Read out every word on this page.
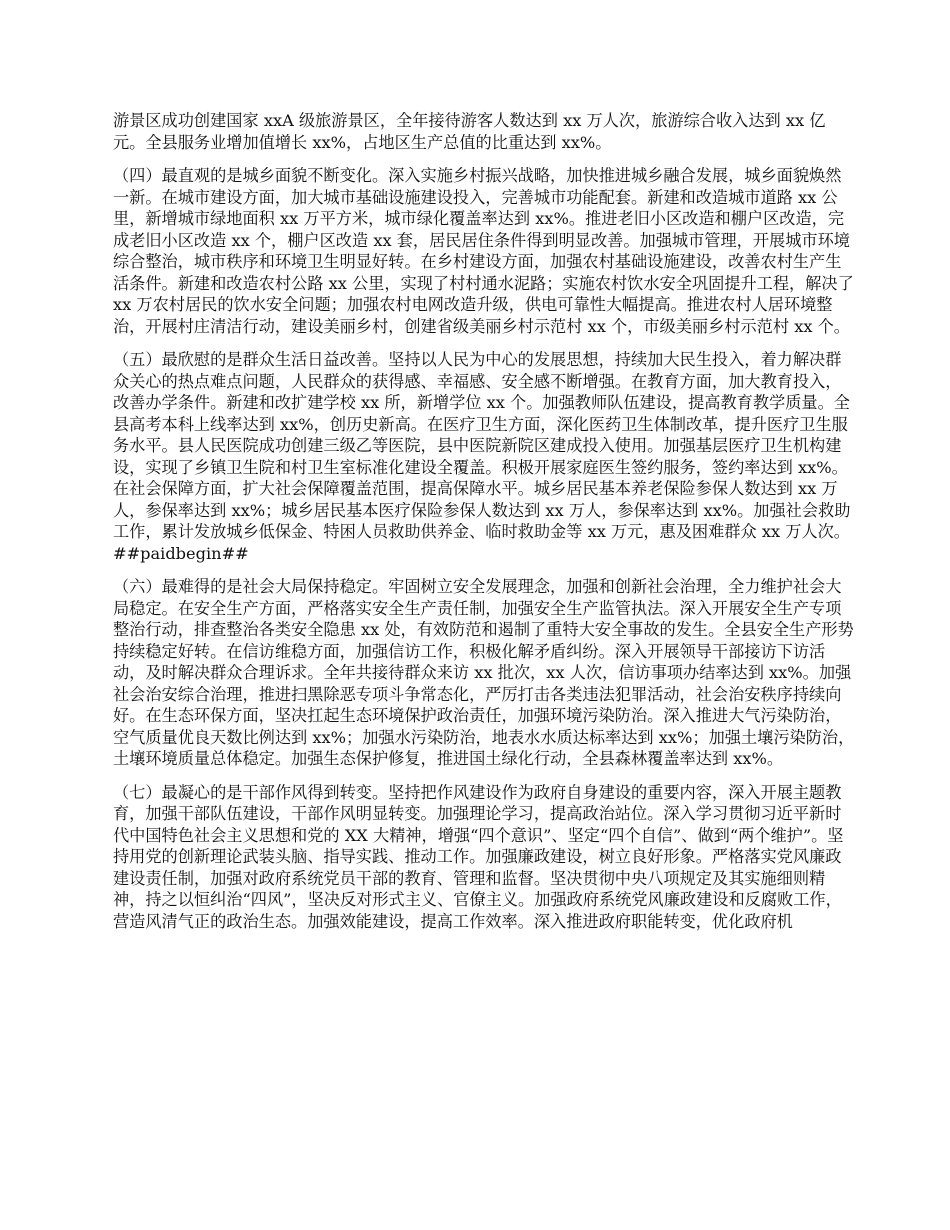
游景区成功创建国家 xxA 级旅游景区，全年接待游客人数达到 xx 万人次，旅游综合收入达到 xx 亿元。全县服务业增加值增长 xx%，占地区生产总值的比重达到 xx%。

（四）最直观的是城乡面貌不断变化。深入实施乡村振兴战略，加快推进城乡融合发展，城乡面貌焕然一新。在城市建设方面，加大城市基础设施建设投入，完善城市功能配套。新建和改造城市道路 xx 公里，新增城市绿地面积 xx 万平方米，城市绿化覆盖率达到 xx%。推进老旧小区改造和棚户区改造，完成老旧小区改造 xx 个，棚户区改造 xx 套，居民居住条件得到明显改善。加强城市管理，开展城市环境综合整治，城市秩序和环境卫生明显好转。在乡村建设方面，加强农村基础设施建设，改善农村生产生活条件。新建和改造农村公路 xx 公里，实现了村村通水泥路；实施农村饮水安全巩固提升工程，解决了 xx 万农村居民的饮水安全问题；加强农村电网改造升级，供电可靠性大幅提高。推进农村人居环境整治，开展村庄清洁行动，建设美丽乡村，创建省级美丽乡村示范村 xx 个，市级美丽乡村示范村 xx 个。

（五）最欣慰的是群众生活日益改善。坚持以人民为中心的发展思想，持续加大民生投入，着力解决群众关心的热点难点问题，人民群众的获得感、幸福感、安全感不断增强。在教育方面，加大教育投入，改善办学条件。新建和改扩建学校 xx 所，新增学位 xx 个。加强教师队伍建设，提高教育教学质量。全县高考本科上线率达到 xx%，创历史新高。在医疗卫生方面，深化医药卫生体制改革，提升医疗卫生服务水平。县人民医院成功创建三级乙等医院，县中医院新院区建成投入使用。加强基层医疗卫生机构建设，实现了乡镇卫生院和村卫生室标准化建设全覆盖。积极开展家庭医生签约服务，签约率达到 xx%。在社会保障方面，扩大社会保障覆盖范围，提高保障水平。城乡居民基本养老保险参保人数达到 xx 万人，参保率达到 xx%；城乡居民基本医疗保险参保人数达到 xx 万人，参保率达到 xx%。加强社会救助工作，累计发放城乡低保金、特困人员救助供养金、临时救助金等 xx 万元，惠及困难群众 xx 万人次。##paidbegin##

（六）最难得的是社会大局保持稳定。牢固树立安全发展理念，加强和创新社会治理，全力维护社会大局稳定。在安全生产方面，严格落实安全生产责任制，加强安全生产监管执法。深入开展安全生产专项整治行动，排查整治各类安全隐患 xx 处，有效防范和遏制了重特大安全事故的发生。全县安全生产形势持续稳定好转。在信访维稳方面，加强信访工作，积极化解矛盾纠纷。深入开展领导干部接访下访活动，及时解决群众合理诉求。全年共接待群众来访 xx 批次，xx 人次，信访事项办结率达到 xx%。加强社会治安综合治理，推进扫黑除恶专项斗争常态化，严厉打击各类违法犯罪活动，社会治安秩序持续向好。在生态环保方面，坚决扛起生态环境保护政治责任，加强环境污染防治。深入推进大气污染防治，空气质量优良天数比例达到 xx%；加强水污染防治，地表水水质达标率达到 xx%；加强土壤污染防治，土壤环境质量总体稳定。加强生态保护修复，推进国土绿化行动，全县森林覆盖率达到 xx%。

（七）最凝心的是干部作风得到转变。坚持把作风建设作为政府自身建设的重要内容，深入开展主题教育，加强干部队伍建设，干部作风明显转变。加强理论学习，提高政治站位。深入学习贯彻习近平新时代中国特色社会主义思想和党的 XX 大精神，增强“四个意识”、坚定“四个自信”、做到“两个维护”。坚持用党的创新理论武装头脑、指导实践、推动工作。加强廉政建设，树立良好形象。严格落实党风廉政建设责任制，加强对政府系统党员干部的教育、管理和监督。坚决贯彻中央八项规定及其实施细则精神，持之以恒纠治“四风”，坚决反对形式主义、官僚主义。加强政府系统党风廉政建设和反腐败工作，营造风清气正的政治生态。加强效能建设，提高工作效率。深入推进政府职能转变，优化政府机
